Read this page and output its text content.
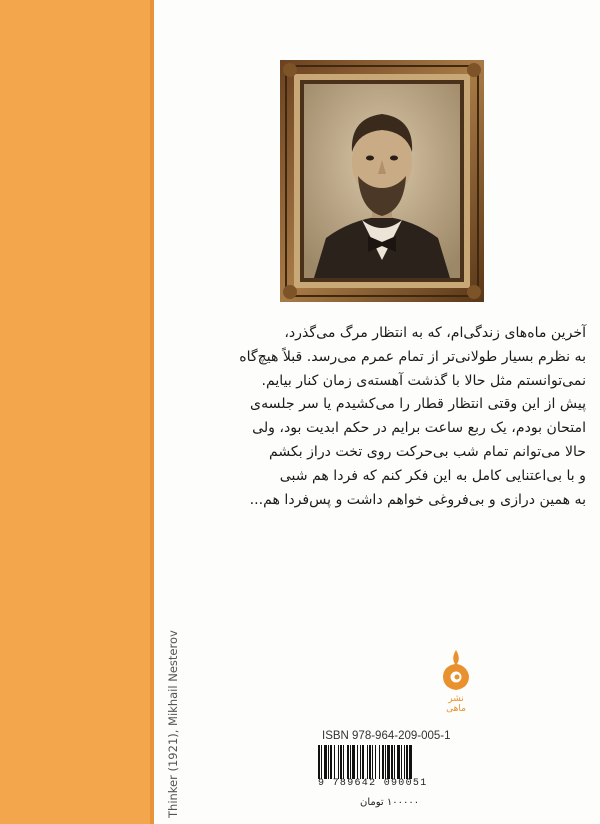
Thinker (1921), Mikhail Nesterov
آخرین ماه‌های زندگی‌ام، که به انتظار مرگ می‌گذرد،
به نظرم بسیار طولانی‌تر از تمام عمرم می‌رسد. قبلاً هیچ‌گاه
نمی‌توانستم مثل حالا با گذشت آهسته‌ی زمان کنار بیایم.
پیش از این وقتی انتظار قطار را می‌کشیدم یا سر جلسه‌ی
امتحان بودم، یک ربع ساعت برایم در حکم ابدیت بود، ولی
حالا می‌توانم تمام شب بی‌حرکت روی تخت دراز بکشم
و با بی‌اعتنایی کامل به این فکر کنم که فردا هم شبی
به همین درازی و بی‌فروغی خواهم داشت و پس‌فردا هم...
نشر ماهی
ISBN 978-964-209-005-1
9 789642 090051
۱۰۰۰۰۰ تومان
